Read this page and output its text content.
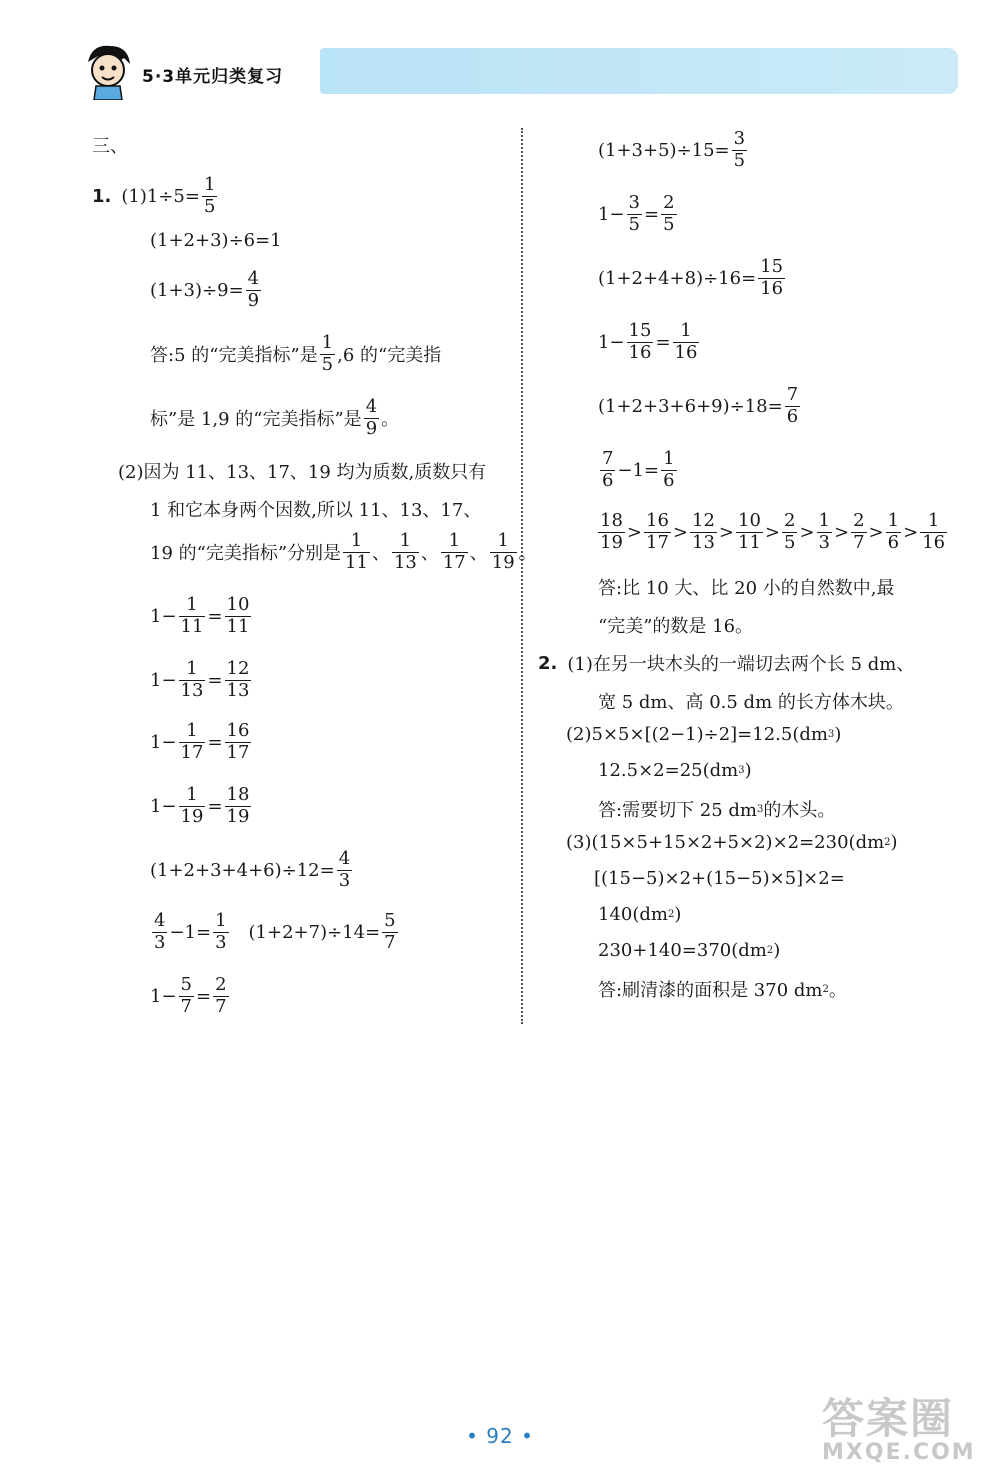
5·3单元归类复习
三、
1. $(1)1\div 5= \frac{1}{5}$
(1+2+3)÷6=1
$(1+3)\div 9= \frac{4}{9}$
答:5 的“完美指标”是 $\frac{1}{5} ,6$ 的“完美指
标”是 1,9 的“完美指标”是 $\frac{4}{9}$ 。
(2)因为 11、13、17、19 均为质数,质数只有
1 和它本身两个因数,所以 11、13、17、
19 的“完美指标”分别是 $\frac{1}{11}$ 、 $\frac{1}{13}$ 、 $\frac{1}{17}$ 、 $\frac{1}{19}$ 。
$1- \frac{1}{11} = \frac{10}{11}$
$1- \frac{1}{13} = \frac{12}{13}$
$1- \frac{1}{17} = \frac{16}{17}$
$1- \frac{1}{19} = \frac{18}{19}$
$(1+2+3+4+6)\div 12= \frac{4}{3}$
$\frac{4}{3} -1= \frac{1}{3} (1+2+7)\div 14= \frac{5}{7}$
$1- \frac{5}{7} = \frac{2}{7}$
$(1+3+5)\div 15= \frac{3}{5}$
$1- \frac{3}{5} = \frac{2}{5}$
$(1+2+4+8)\div 16= \frac{15}{16}$
$1- \frac{15}{16} = \frac{1}{16}$
$(1+2+3+6+9)\div 18= \frac{7}{6}$
$\frac{7}{6} -1= \frac{1}{6}$
$\frac{18}{19} > \frac{16}{17} > \frac{12}{13} > \frac{10}{11} > \frac{2}{5} > \frac{1}{3} > \frac{2}{7} > \frac{1}{6} > \frac{1}{16}$
答:比 10 大、比 20 小的自然数中,最
“完美”的数是 16。
2. (1)在另一块木头的一端切去两个长 5 dm、
宽 5 dm、高 0.5 dm 的长方体木块。
(2)5×5×[(2−1)÷2]=12.5(dm 3 )
12.5×2=25(dm 3 )
答:需要切下 25 dm 3 的木头。
(3)(15×5+15×2+5×2)×2=230(dm 2 )
[(15−5)×2+(15−5)×5]×2=
140(dm 2 )
230+140=370(dm 2 )
答:刷清漆的面积是 370 dm 2 。
• 92 •	答案圈
MXQE.COM
